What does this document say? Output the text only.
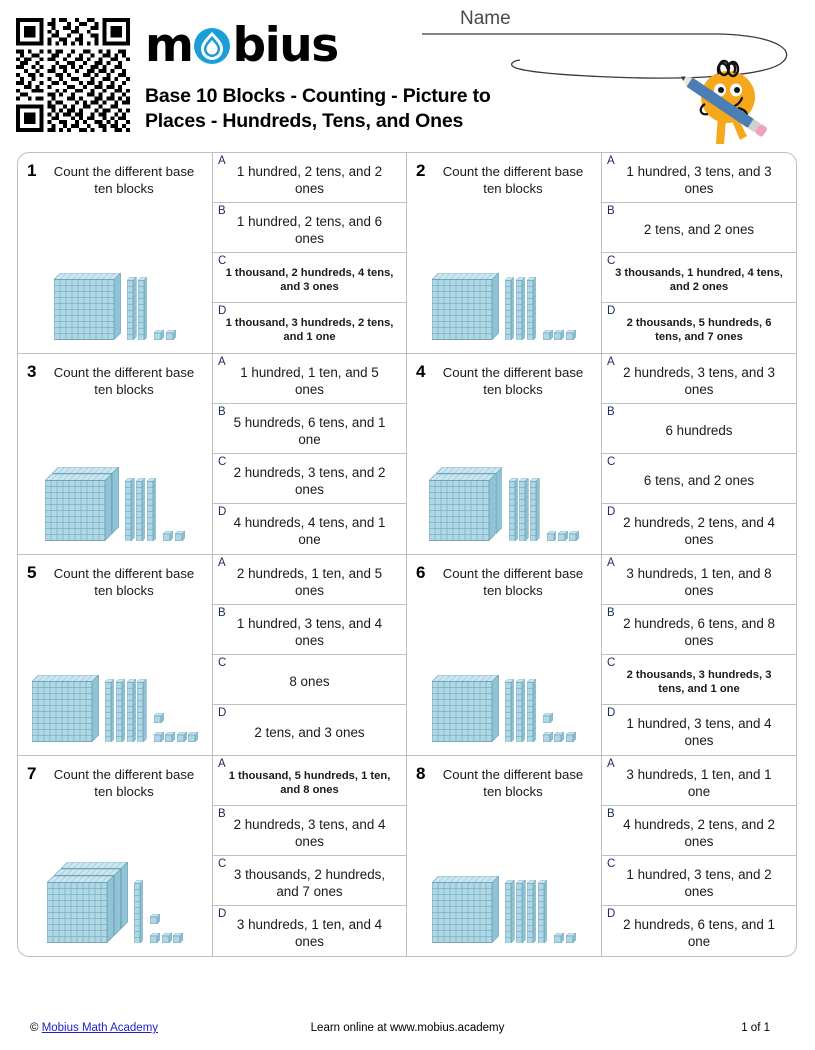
m bius
Base 10 Blocks - Counting - Picture to Places - Hundreds, Tens, and Ones
Name
1	Count the different base ten blocks
A
1 hundred, 2 tens, and 2 ones
B
1 hundred, 2 tens, and 6 ones
C
1 thousand, 2 hundreds, 4 tens, and 3 ones
D
1 thousand, 3 hundreds, 2 tens, and 1 one
2	Count the different base ten blocks
A
1 hundred, 3 tens, and 3 ones
B
2 tens, and 2 ones
C
3 thousands, 1 hundred, 4 tens, and 2 ones
D
2 thousands, 5 hundreds, 6 tens, and 7 ones
3	Count the different base ten blocks
A
1 hundred, 1 ten, and 5 ones
B
5 hundreds, 6 tens, and 1 one
C
2 hundreds, 3 tens, and 2 ones
D
4 hundreds, 4 tens, and 1 one
4	Count the different base ten blocks
A
2 hundreds, 3 tens, and 3 ones
B
6 hundreds
C
6 tens, and 2 ones
D
2 hundreds, 2 tens, and 4 ones
5	Count the different base ten blocks
A
2 hundreds, 1 ten, and 5 ones
B
1 hundred, 3 tens, and 4 ones
C
8 ones
D
2 tens, and 3 ones
6	Count the different base ten blocks
A
3 hundreds, 1 ten, and 8 ones
B
2 hundreds, 6 tens, and 8 ones
C
2 thousands, 3 hundreds, 3 tens, and 1 one
D
1 hundred, 3 tens, and 4 ones
7	Count the different base ten blocks
A
1 thousand, 5 hundreds, 1 ten, and 8 ones
B
2 hundreds, 3 tens, and 4 ones
C
3 thousands, 2 hundreds, and 7 ones
D
3 hundreds, 1 ten, and 4 ones
8	Count the different base ten blocks
A
3 hundreds, 1 ten, and 1 one
B
4 hundreds, 2 tens, and 2 ones
C
1 hundred, 3 tens, and 2 ones
D
2 hundreds, 6 tens, and 1 one
© Mobius Math Academy	Learn online at www.mobius.academy	1 of 1
